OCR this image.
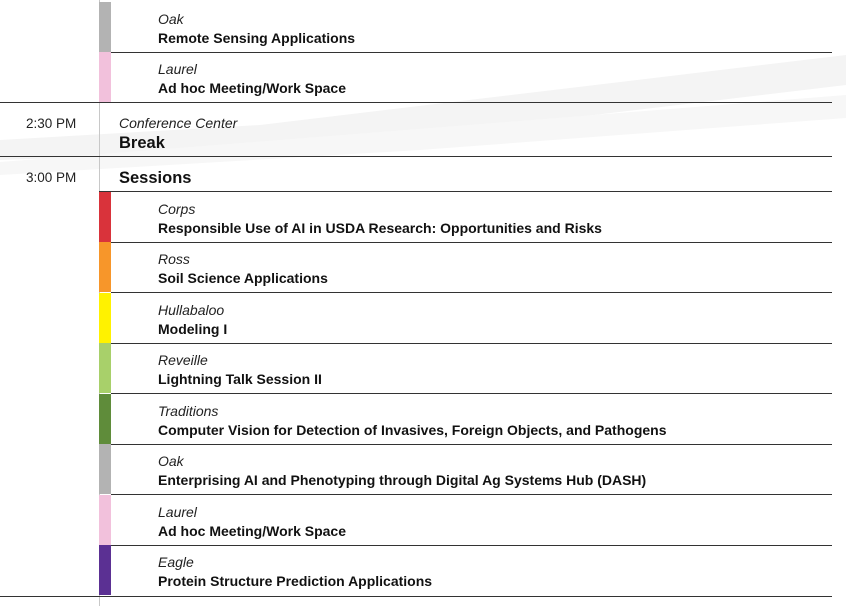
Oak
Remote Sensing Applications
Laurel
Ad hoc Meeting/Work Space
2:30 PM	Conference Center
Break
3:00 PM	Sessions
Corps
Responsible Use of AI in USDA Research: Opportunities and Risks
Ross
Soil Science Applications
Hullabaloo
Modeling I
Reveille
Lightning Talk Session II
Traditions
Computer Vision for Detection of Invasives, Foreign Objects, and Pathogens
Oak
Enterprising AI and Phenotyping through Digital Ag Systems Hub (DASH)
Laurel
Ad hoc Meeting/Work Space
Eagle
Protein Structure Prediction Applications
